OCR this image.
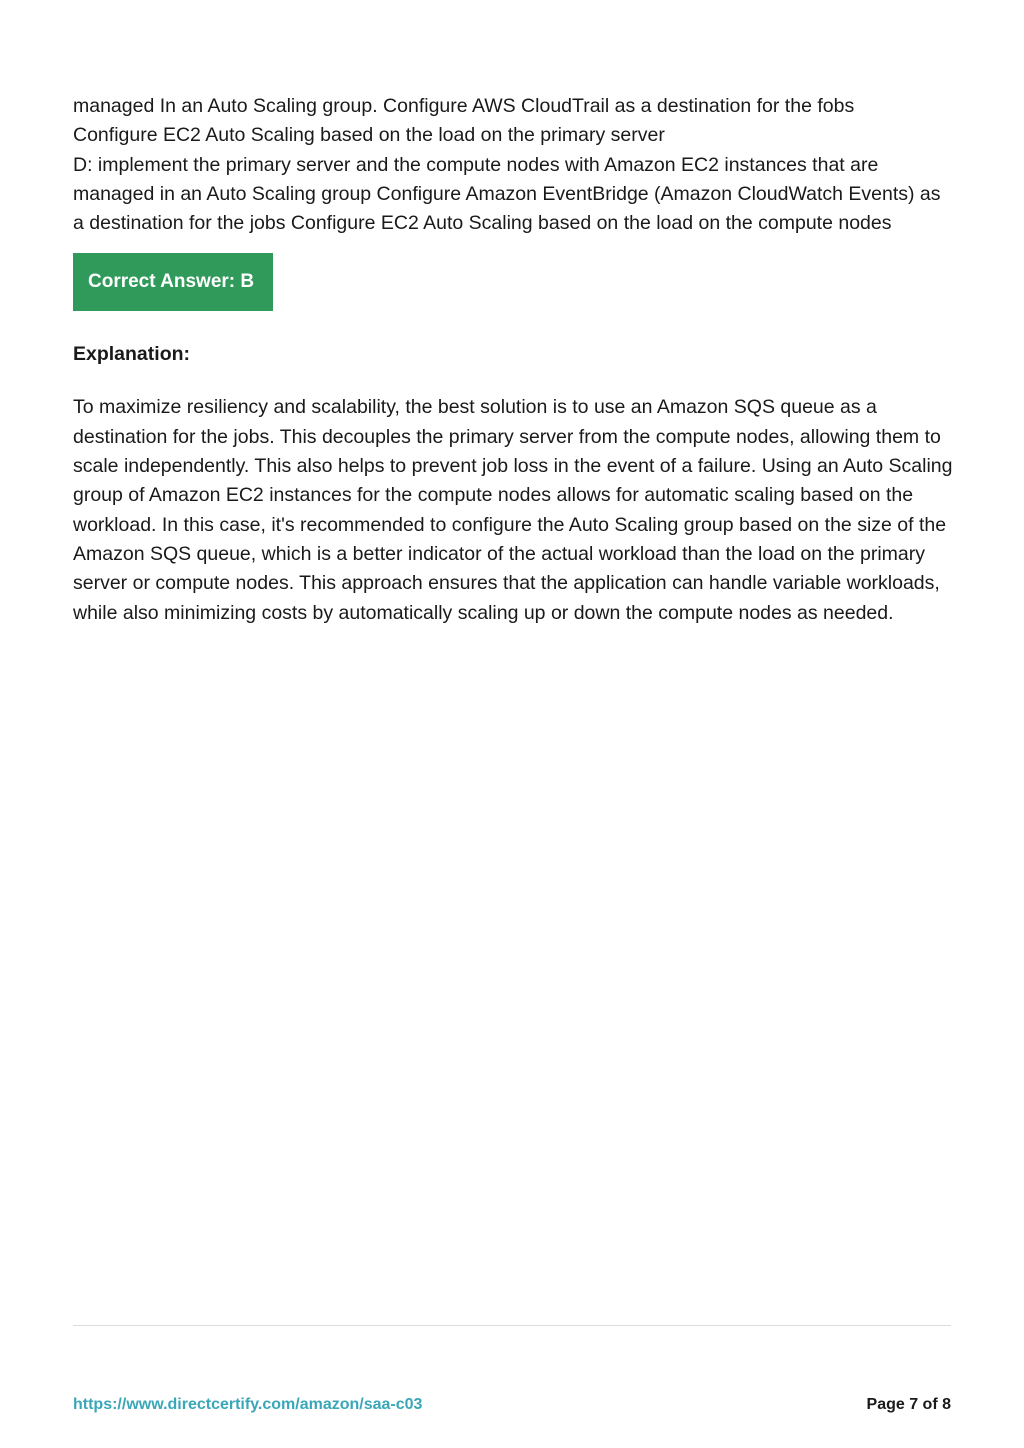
managed In an Auto Scaling group. Configure AWS CloudTrail as a destination for the fobs
Configure EC2 Auto Scaling based on the load on the primary server

D: implement the primary server and the compute nodes with Amazon EC2 instances that are managed in an Auto Scaling group Configure Amazon EventBridge (Amazon CloudWatch Events) as a destination for the jobs Configure EC2 Auto Scaling based on the load on the compute nodes

Correct Answer: B

Explanation:

To maximize resiliency and scalability, the best solution is to use an Amazon SQS queue as a destination for the jobs. This decouples the primary server from the compute nodes, allowing them to scale independently. This also helps to prevent job loss in the event of a failure. Using an Auto Scaling group of Amazon EC2 instances for the compute nodes allows for automatic scaling based on the workload. In this case, it's recommended to configure the Auto Scaling group based on the size of the Amazon SQS queue, which is a better indicator of the actual workload than the load on the primary server or compute nodes. This approach ensures that the application can handle variable workloads, while also minimizing costs by automatically scaling up or down the compute nodes as needed.

https://www.directcertify.com/amazon/saa-c03	Page 7 of 8
